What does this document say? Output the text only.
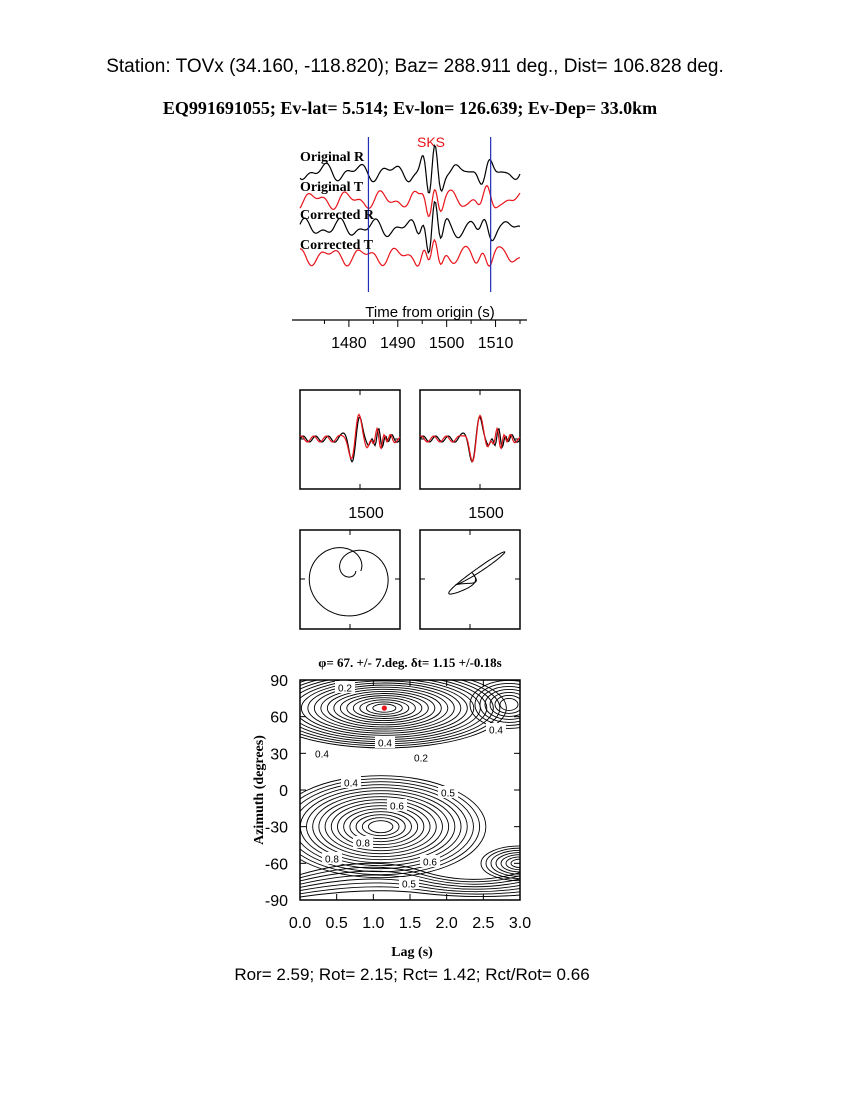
Station: TOVx (34.160, -118.820); Baz= 288.911 deg., Dist= 106.828 deg.
EQ991691055; Ev-lat= 5.514; Ev-lon= 126.639; Ev-Dep= 33.0km
SKS
Original R
Original T
Corrected R
Corrected T
Time from origin (s)
1480 1490 1500 1510
1500	1500
φ= 67. +/- 7.deg. δt= 1.15 +/-0.18s
0.0 0.5 1.0 1.5 2.0 2.5 3.0
90
60
30
0
-30
-60
-90
0.2
0.4
0.4	0.2
0.4
0.5
0.6
0.8
0.8	0.6
0.5
0.4
Lag (s)
Azimuth (degrees)
Ror= 2.59; Rot= 2.15; Rct= 1.42; Rct/Rot= 0.66
